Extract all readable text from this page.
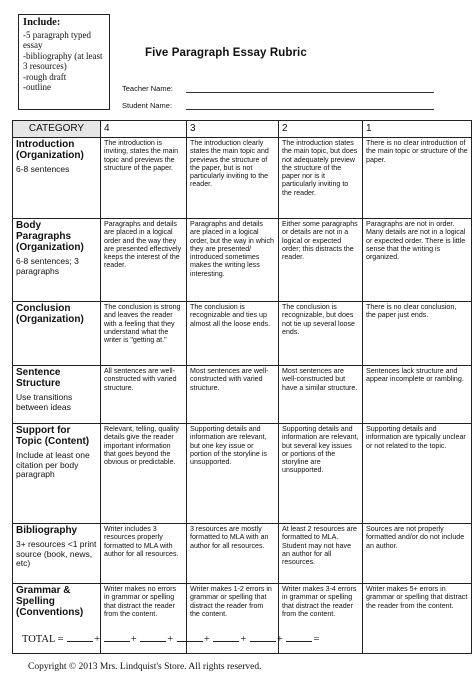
Include:
-5 paragraph typed essay
-bibliography (at least 3 resources)
-rough draft
-outline
Five Paragraph Essay Rubric
Teacher Name:
Student Name:
CATEGORY	4	3	2	1

Introduction (Organization)
6-8 sentences	The introduction is inviting, states the main topic and previews the structure of the paper.	The introduction clearly states the main topic and previews the structure of the paper, but is not particularly inviting to the reader.	The introduction states the main topic, but does not adequately preview the structure of the paper nor is it particularly inviting to the reader.	There is no clear introduction of the main topic or structure of the paper.

Body Paragraphs (Organization)
6-8 sentences; 3 paragraphs	Paragraphs and details are placed in a logical order and the way they are presented effectively keeps the interest of the reader.	Paragraphs and details are placed in a logical order, but the way in which they are presented/ introduced sometimes makes the writing less interesting.	Either some paragraphs or details are not in a logical or expected order; this distracts the reader.	Paragraphs are not in order. Many details are not in a logical or expected order. There is little sense that the writing is organized.

Conclusion (Organization)	The conclusion is strong and leaves the reader with a feeling that they understand what the writer is "getting at."	The conclusion is recognizable and ties up almost all the loose ends.	The conclusion is recognizable, but does not tie up several loose ends.	There is no clear conclusion, the paper just ends.

Sentence Structure
Use transitions between ideas	All sentences are well-constructed with varied structure.	Most sentences are well-constructed with varied structure.	Most sentences are well-constructed but have a similar structure.	Sentences lack structure and appear incomplete or rambling.

Support for Topic (Content)
Include at least one citation per body paragraph	Relevant, telling, quality details give the reader important information that goes beyond the obvious or predictable.	Supporting details and information are relevant, but one key issue or portion of the storyline is unsupported.	Supporting details and information are relevant, but several key issues or portions of the storyline are unsupported.	Supporting details and information are typically unclear or not related to the topic.

Bibliography
3+ resources <1 print source (book, news, etc)	Writer includes 3 resources properly formatted to MLA with author for all resources.	3 resources are mostly formatted to MLA with an author for all resources.	At least 2 resources are formatted to MLA. Student may not have an author for all resources.	Sources are not properly formatted and/or do not include an author.

Grammar & Spelling (Conventions)	Writer makes no errors in grammar or spelling that distract the reader from the content.	Writer makes 1-2 errors in grammar or spelling that distract the reader from the content.	Writer makes 3-4 errors in grammar or spelling that distract the reader from the content.	Writer makes 5+ errors in grammar or spelling that distract the reader from the content.
TOTAL =	+	+	+	+	+	+	=
Copyright © 2013 Mrs. Lindquist's Store. All rights reserved.
